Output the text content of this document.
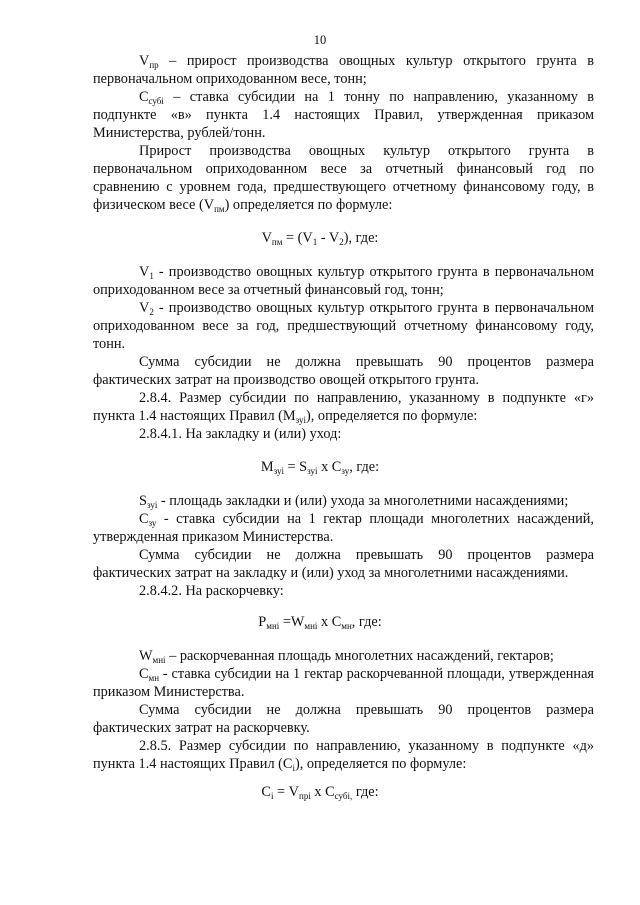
10
$V_{пр}$ – прирост производства овощных культур открытого грунта в первоначальном оприходованном весе, тонн;
$С_{субі}$ – ставка субсидии на 1 тонну по направлению, указанному в подпункте «в» пункта 1.4 настоящих Правил, утвержденная приказом Министерства, рублей/тонн.
Прирост производства овощных культур открытого грунта в первоначальном оприходованном весе за отчетный финансовый год по сравнению с уровнем года, предшествующего отчетному финансовому году, в физическом весе $(V_{пм})$ определяется по формуле:
$V_{пм} = (V_1 - V_2)$, где:
$V_1$ - производство овощных культур открытого грунта в первоначальном оприходованном весе за отчетный финансовый год, тонн;
$V_2$ - производство овощных культур открытого грунта в первоначальном оприходованном весе за год, предшествующий отчетному финансовому году, тонн.
Сумма субсидии не должна превышать 90 процентов размера фактических затрат на производство овощей открытого грунта.
2.8.4. Размер субсидии по направлению, указанному в подпункте «г» пункта 1.4 настоящих Правил $(М_{зуі})$, определяется по формуле:
2.8.4.1. На закладку и (или) уход:
$М_{зуі} = S_{зуі}$ х $С_{зу}$, где:
$S_{зуі}$ - площадь закладки и (или) ухода за многолетними насаждениями;
$С_{зу}$ - ставка субсидии на 1 гектар площади многолетних насаждений, утвержденная приказом Министерства.
Сумма субсидии не должна превышать 90 процентов размера фактических затрат на закладку и (или) уход за многолетними насаждениями.
2.8.4.2. На раскорчевку:
$Р_{мні} =W_{мні}$ х $С_{мн}$, где:
$W_{мні}$ – раскорчеванная площадь многолетних насаждений, гектаров;
$С_{мн}$ - ставка субсидии на 1 гектар раскорчеванной площади, утвержденная приказом Министерства.
Сумма субсидии не должна превышать 90 процентов размера фактических затрат на раскорчевку.
2.8.5. Размер субсидии по направлению, указанному в подпункте «д» пункта 1.4 настоящих Правил $(С_і)$, определяется по формуле:
$С_і = V_{прі}$ х $С_{субі,}$ где:
